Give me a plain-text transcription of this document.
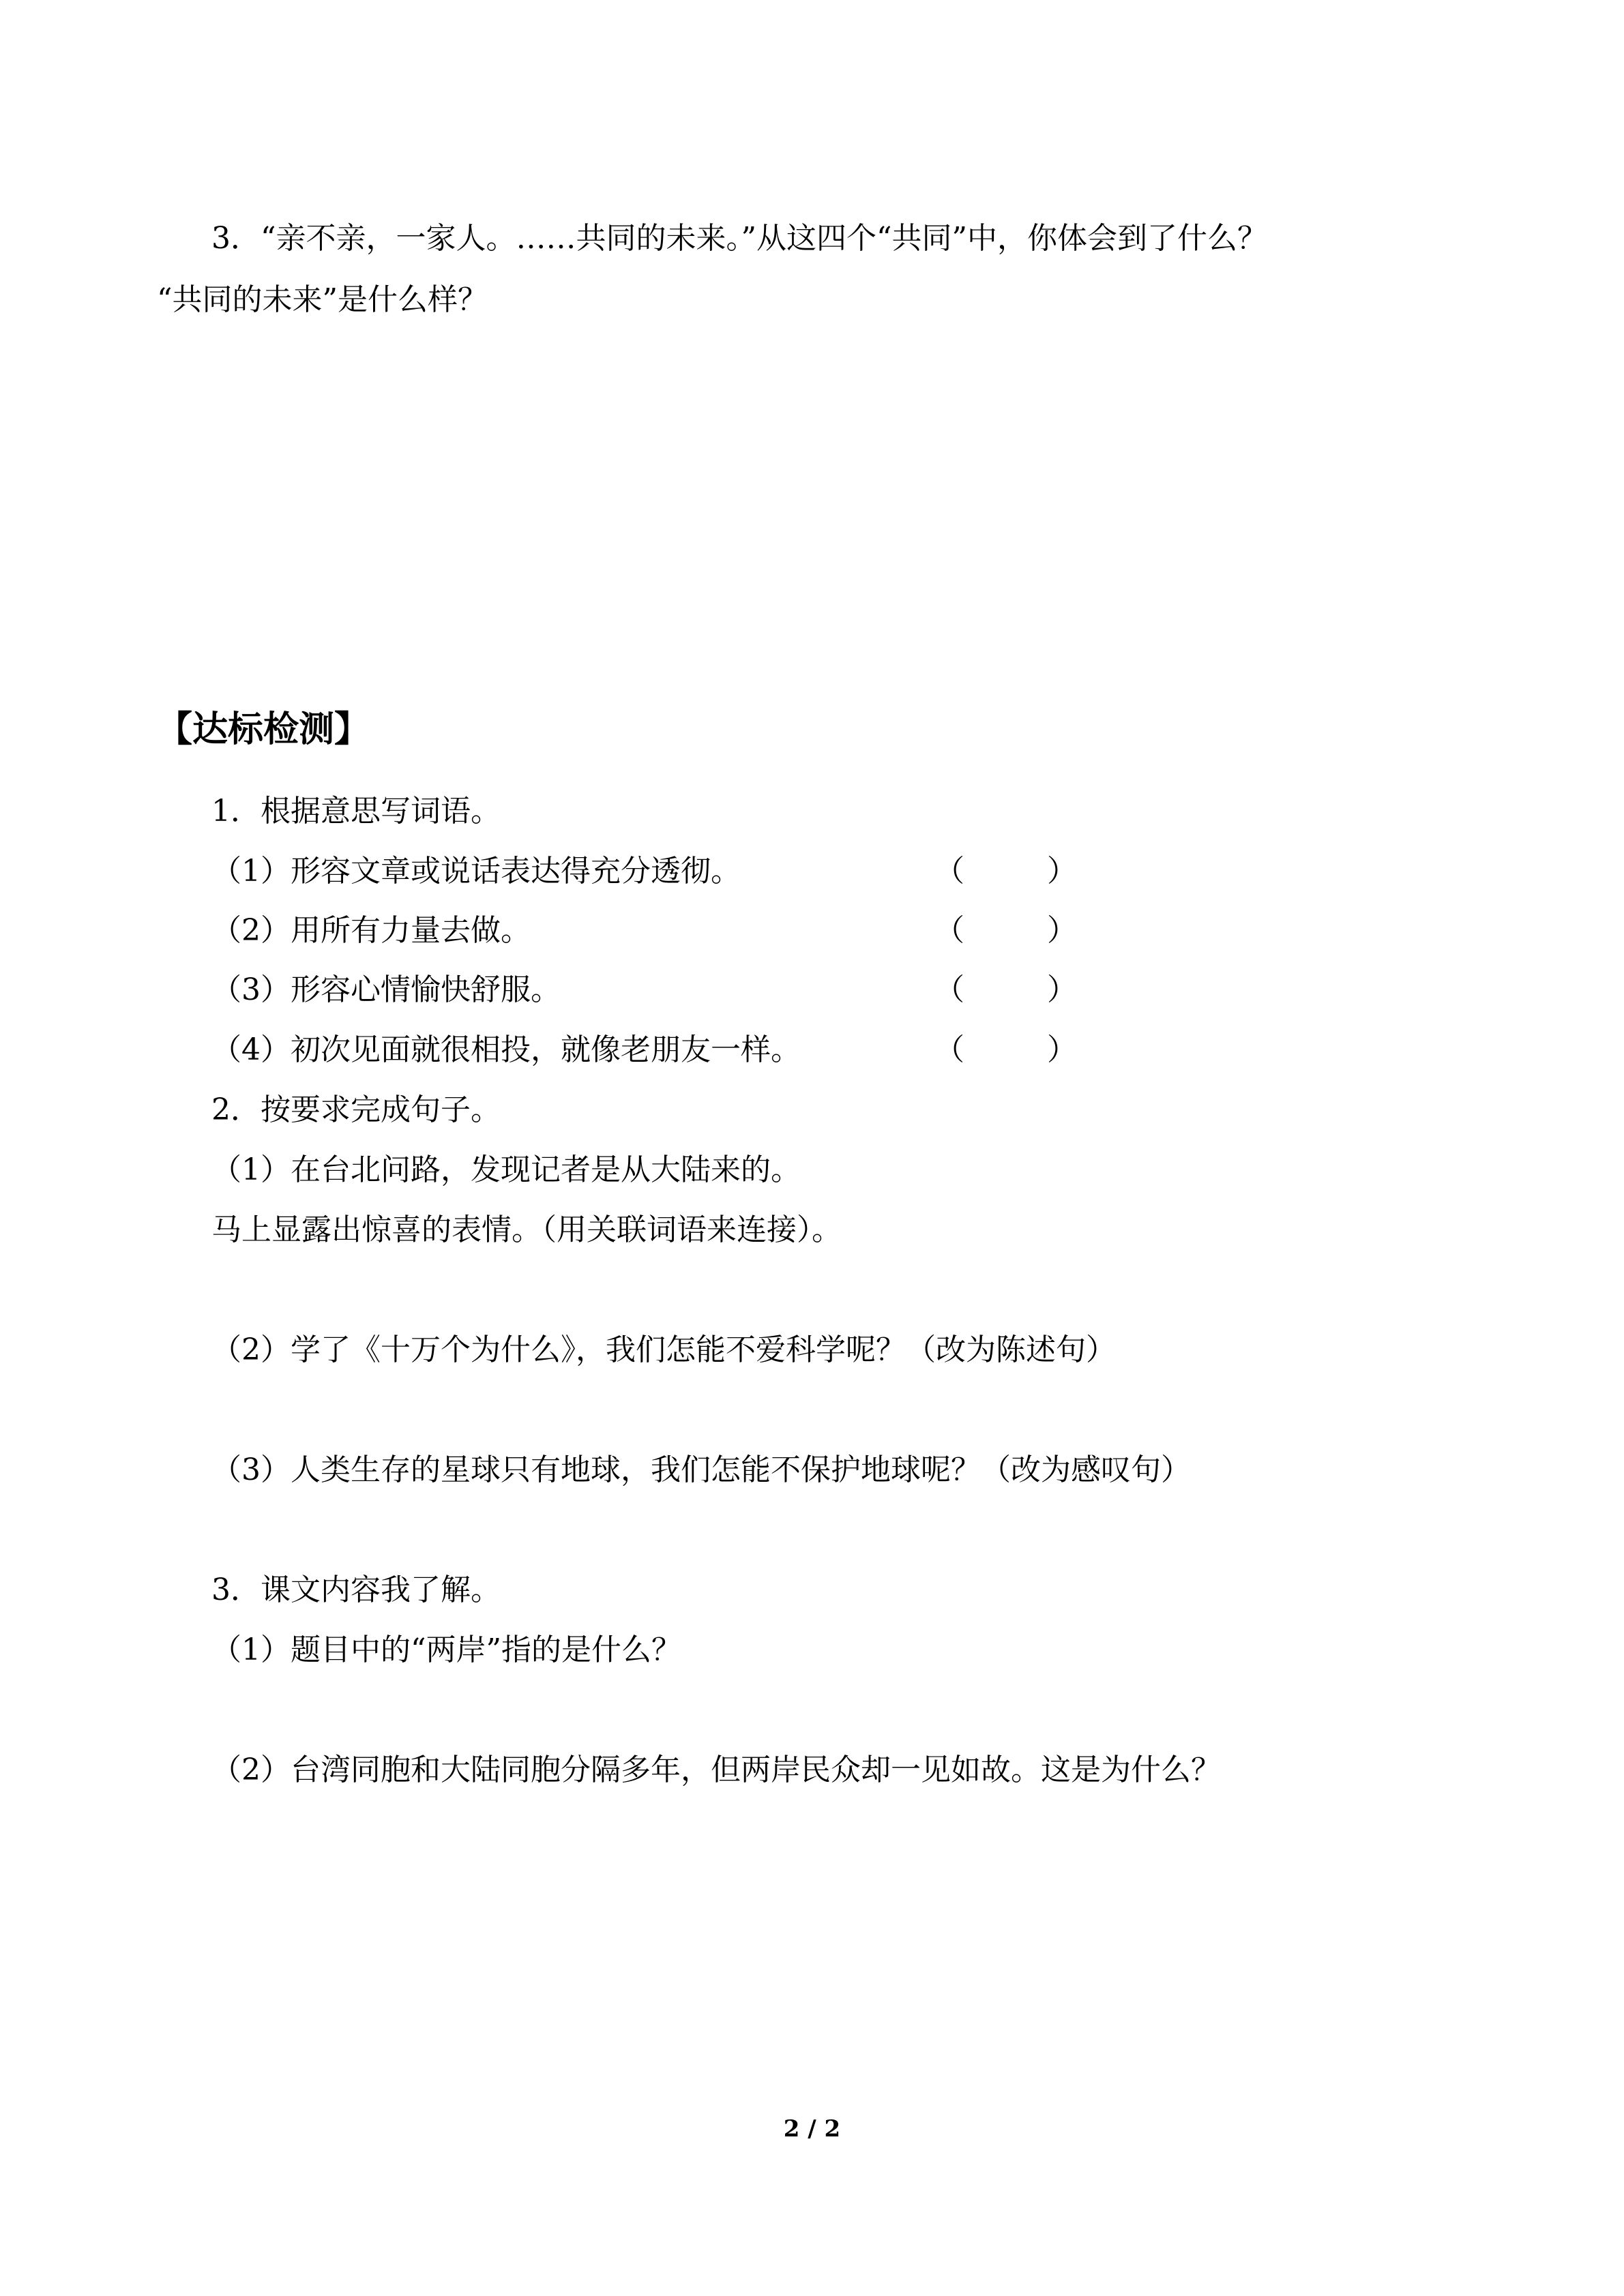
3．“亲不亲，一家人。……共同的未来。”从这四个“共同”中，你体会到了什么？

“共同的未来”是什么样？

【达标检测】

1．根据意思写词语。

（1）形容文章或说话表达得充分透彻。	（	）
（2）用所有力量去做。	（	）
（3）形容心情愉快舒服。	（	）
（4）初次见面就很相投，就像老朋友一样。	（	）

2．按要求完成句子。

（1）在台北问路，发现记者是从大陆来的。

马上显露出惊喜的表情。（用关联词语来连接）。

（2）学了《十万个为什么》，我们怎能不爱科学呢？（改为陈述句）

（3）人类生存的星球只有地球，我们怎能不保护地球呢？（改为感叹句）

3．课文内容我了解。

（1）题目中的“两岸”指的是什么？

（2）台湾同胞和大陆同胞分隔多年，但两岸民众却一见如故。这是为什么？

2 / 2
